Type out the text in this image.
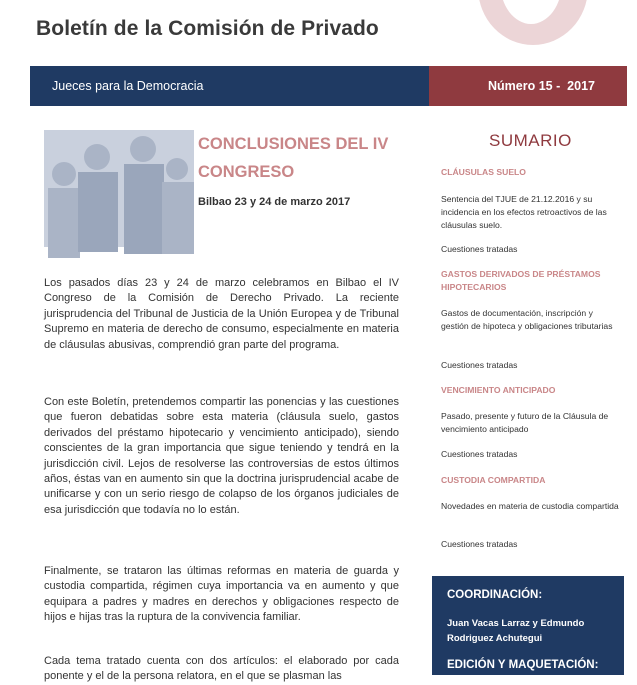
Boletín de la Comisión de Privado
Jueces para la Democracia	Número 15 -  2017
CONCLUSIONES DEL IV CONGRESO
Bilbao 23 y 24 de marzo 2017

Los pasados días 23 y 24 de marzo celebramos en Bilbao el IV Congreso de la Comisión de Derecho Privado. La reciente jurisprudencia del Tribunal de Justicia de la Unión Europea y de Tribunal Supremo en materia de derecho de consumo, especialmente en materia de cláusulas abusivas, comprendió gran parte del programa.

Con este Boletín, pretendemos compartir las ponencias y las cuestiones que fueron debatidas sobre esta materia (cláusula suelo, gastos derivados del préstamo hipotecario y vencimiento anticipado), siendo conscientes de la gran importancia que sigue teniendo y tendrá en la jurisdicción civil. Lejos de resolverse las controversias de estos últimos años, éstas van en aumento sin que la doctrina jurisprudencial acabe de unificarse y con un serio riesgo de colapso de los órganos judiciales de esa jurisdicción que todavía no lo están.

Finalmente, se trataron las últimas reformas en materia de guarda y custodia compartida, régimen cuya importancia va en aumento y que equipara a padres y madres en derechos y obligaciones respecto de hijos e hijas tras la ruptura de la convivencia familiar.

Cada tema tratado cuenta con dos artículos: el elaborado por cada ponente y el de la persona relatora, en el que se plasman las

SUMARIO
CLÁUSULAS SUELO
Sentencia del TJUE de 21.12.2016 y su incidencia en los efectos retroactivos de las cláusulas suelo.
Cuestiones tratadas
GASTOS DERIVADOS DE PRÉSTAMOS HIPOTECARIOS
Gastos de documentación, inscripción y gestión de hipoteca y obligaciones tributarias
Cuestiones tratadas
VENCIMIENTO ANTICIPADO
Pasado, presente y futuro de la Cláusula de vencimiento anticipado
Cuestiones tratadas
CUSTODIA COMPARTIDA
Novedades en materia de custodia compartida
Cuestiones tratadas
COORDINACIÓN:
Juan Vacas Larraz y Edmundo Rodriguez Achutegui
EDICIÓN Y MAQUETACIÓN:
